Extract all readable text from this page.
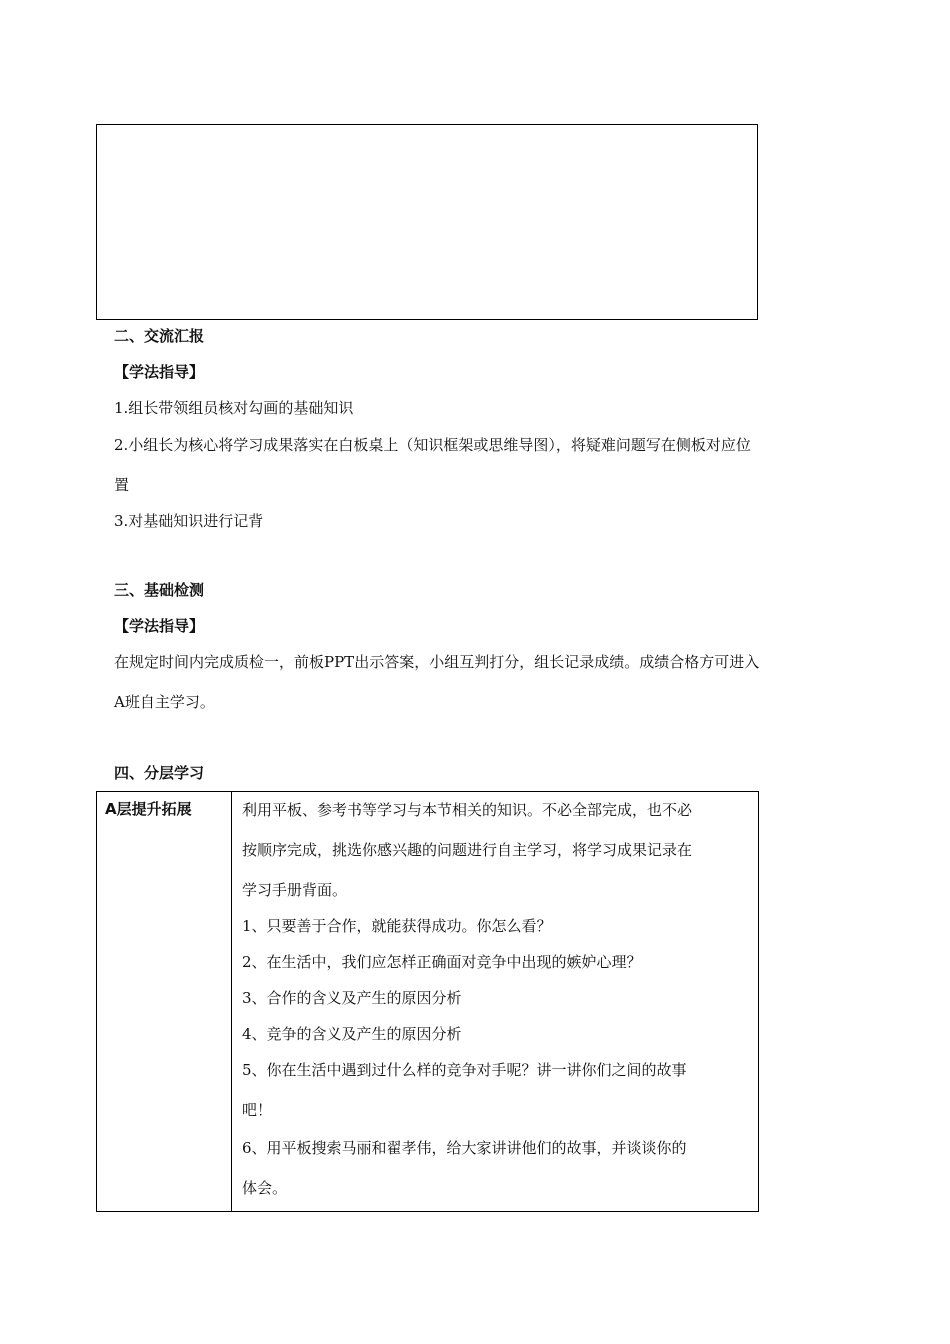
二、交流汇报
【学法指导】
1.组长带领组员核对勾画的基础知识
2.小组长为核心将学习成果落实在白板桌上（知识框架或思维导图），将疑难问题写在侧板对应位
置
3.对基础知识进行记背
三、基础检测
【学法指导】
在规定时间内完成质检一，前板PPT出示答案，小组互判打分，组长记录成绩。成绩合格方可进入
A班自主学习。
四、分层学习
A层提升拓展	利用平板、参考书等学习与本节相关的知识。不必全部完成，也不必
按顺序完成，挑选你感兴趣的问题进行自主学习，将学习成果记录在
学习手册背面。
1、只要善于合作，就能获得成功。你怎么看？
2、在生活中，我们应怎样正确面对竞争中出现的嫉妒心理？
3、合作的含义及产生的原因分析
4、竞争的含义及产生的原因分析
5、你在生活中遇到过什么样的竞争对手呢？讲一讲你们之间的故事
吧！
6、用平板搜索马丽和翟孝伟，给大家讲讲他们的故事，并谈谈你的
体会。
